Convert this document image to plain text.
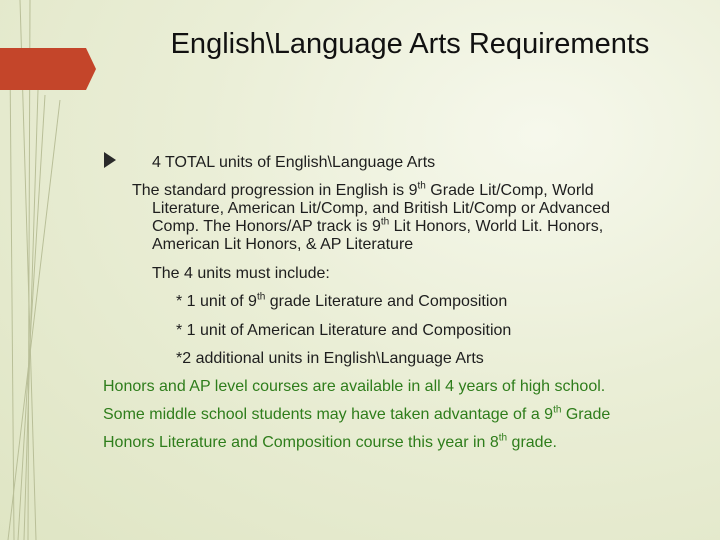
English\Language Arts Requirements
4 TOTAL units of English\Language Arts
The standard progression in English is 9th Grade Lit/Comp, World
Literature, American Lit/Comp, and British Lit/Comp or Advanced
Comp. The Honors/AP track is 9th Lit Honors, World Lit. Honors,
American Lit Honors, & AP Literature
The 4 units must include:
* 1 unit of 9th grade Literature and Composition
* 1 unit of American Literature and Composition
*2 additional units in English\Language Arts
Honors and AP level courses are available in all 4 years of high school.
Some middle school students may have taken advantage of a 9th Grade
Honors Literature and Composition course this year in 8th grade.
